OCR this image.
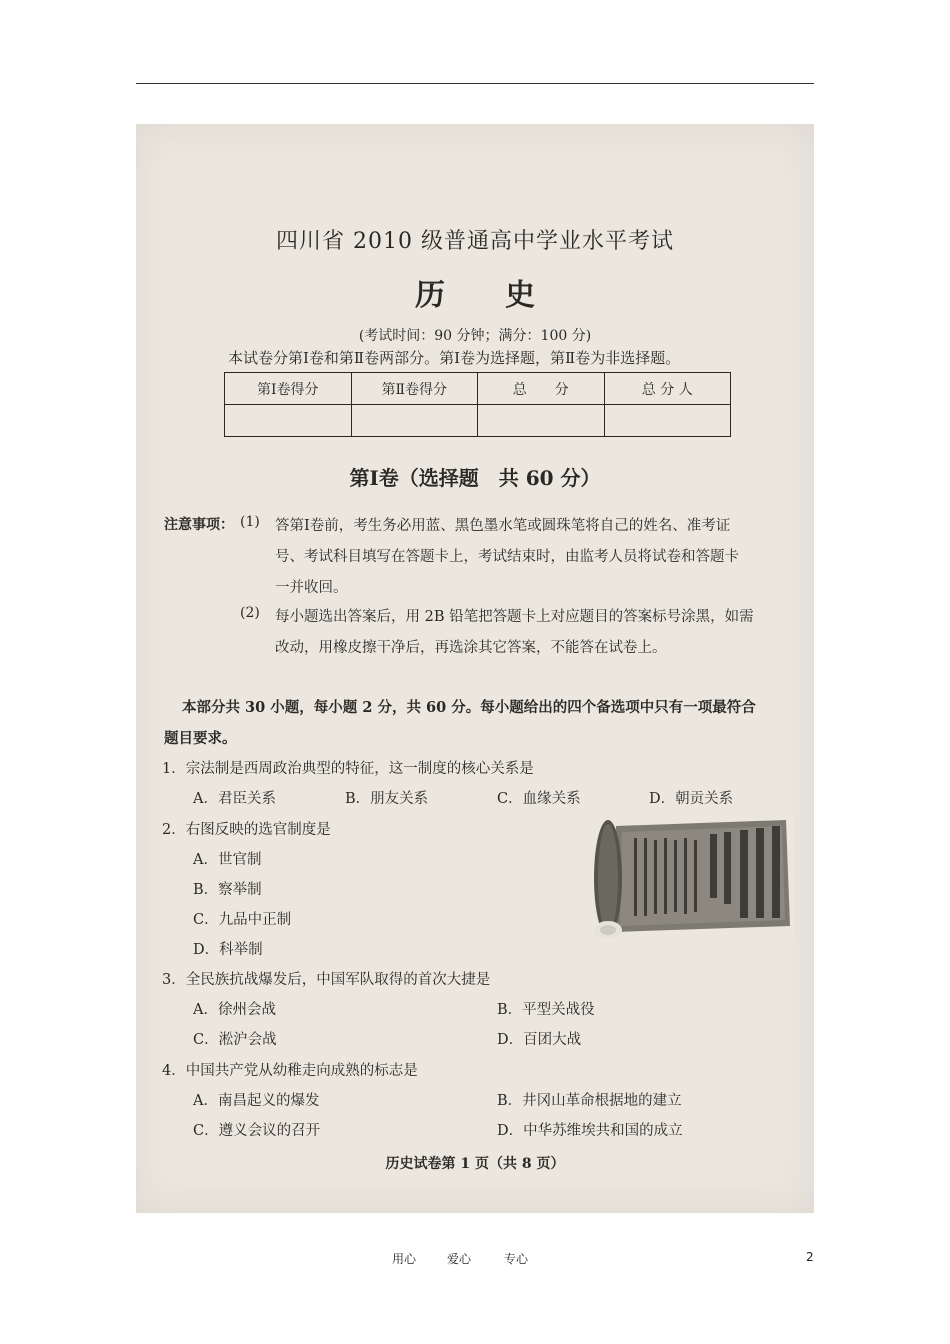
四川省 2010 级普通高中学业水平考试
历史
(考试时间：90 分钟；满分：100 分)
本试卷分第Ⅰ卷和第Ⅱ卷两部分。第Ⅰ卷为选择题，第Ⅱ卷为非选择题。
第Ⅰ卷得分	第Ⅱ卷得分	总　　分	总 分 人

第Ⅰ卷（选择题　共 60 分）
注意事项： (1) 答第Ⅰ卷前，考生务必用蓝、黑色墨水笔或圆珠笔将自己的姓名、准考证
号、考试科目填写在答题卡上，考试结束时，由监考人员将试卷和答题卡
一并收回。
(2) 每小题选出答案后，用 2B 铅笔把答题卡上对应题目的答案标号涂黑，如需
改动，用橡皮擦干净后，再选涂其它答案，不能答在试卷上。
本部分共 30 小题，每小题 2 分，共 60 分。每小题给出的四个备选项中只有一项最符合
题目要求。
1．宗法制是西周政治典型的特征，这一制度的核心关系是
A．君臣关系	B．朋友关系	C．血缘关系	D．朝贡关系
2．右图反映的选官制度是
A．世官制
B．察举制
C．九品中正制
D．科举制
3．全民族抗战爆发后，中国军队取得的首次大捷是
A．徐州会战	B．平型关战役
C．淞沪会战	D．百团大战
4．中国共产党从幼稚走向成熟的标志是
A．南昌起义的爆发	B．井冈山革命根据地的建立
C．遵义会议的召开	D．中华苏维埃共和国的成立
历史试卷第 1 页（共 8 页）
用心	爱心	专心	2
